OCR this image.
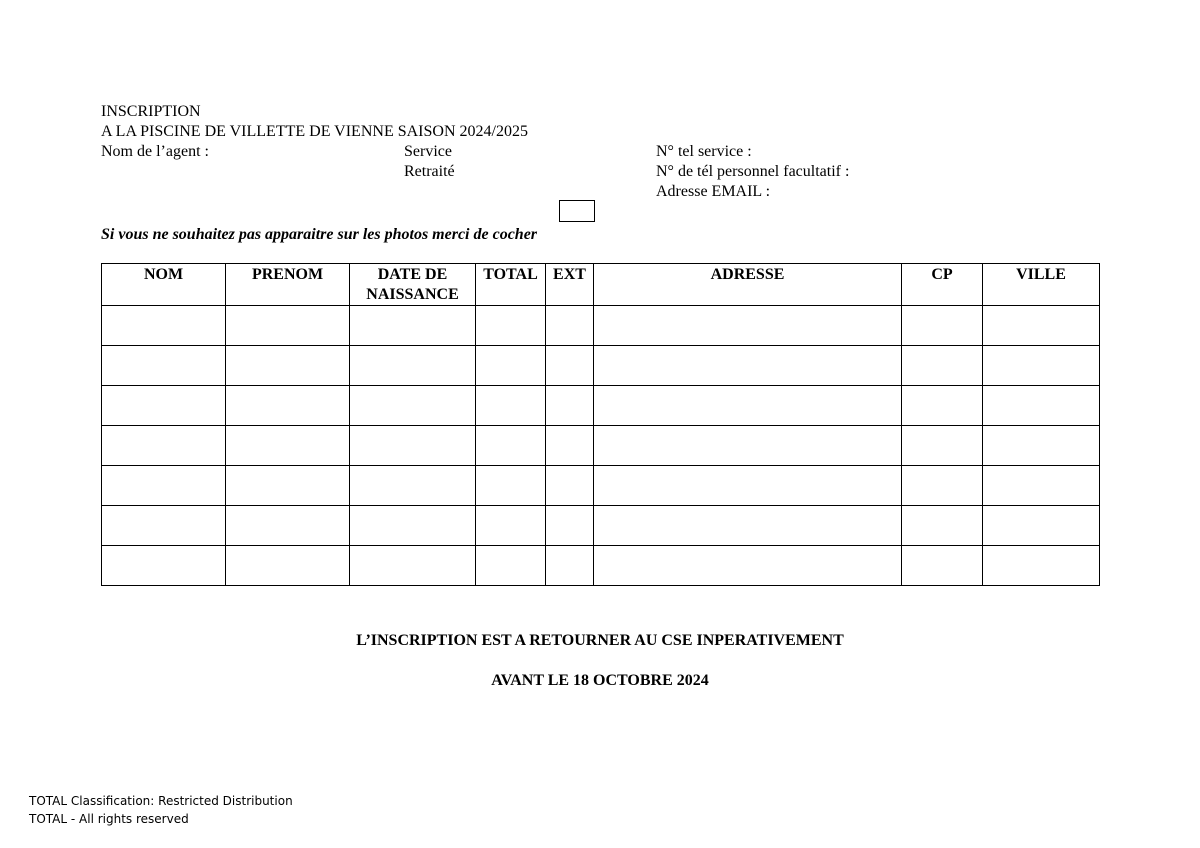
INSCRIPTION
A LA PISCINE DE VILLETTE DE VIENNE SAISON 2024/2025
Nom de l’agent :	Service
Retraité
N° tel service :
N° de tél personnel facultatif :
Adresse EMAIL :
Si vous ne souhaitez pas apparaitre sur les photos merci de cocher
NOM	PRENOM	DATE DE NAISSANCE	TOTAL	EXT	ADRESSE	CP	VILLE

L’INSCRIPTION EST A RETOURNER AU CSE INPERATIVEMENT
AVANT LE 18 OCTOBRE 2024
TOTAL Classification: Restricted Distribution
TOTAL - All rights reserved
